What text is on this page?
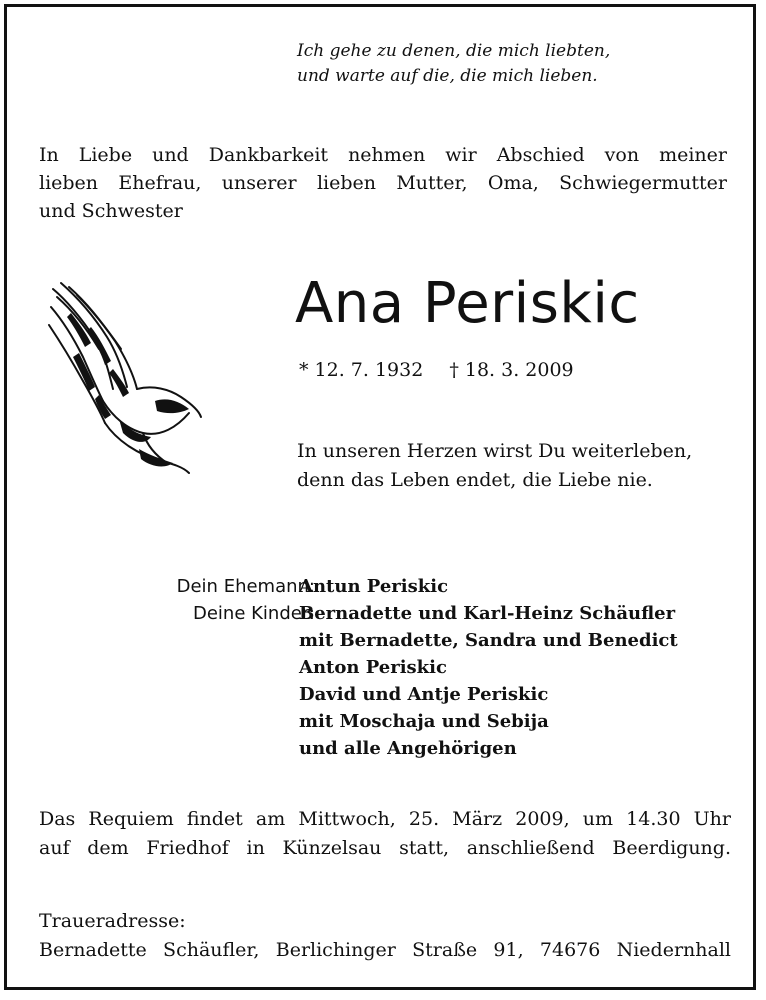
Ich gehe zu denen, die mich liebten,
und warte auf die, die mich lieben.
In Liebe und Dankbarkeit nehmen wir Abschied von meiner
lieben Ehefrau, unserer lieben Mutter, Oma, Schwiegermutter
und Schwester
Ana Periskic
* 12. 7. 1932 † 18. 3. 2009
In unseren Herzen wirst Du weiterleben,
denn das Leben endet, die Liebe nie.
Dein Ehemann:
Antun Periskic
Deine Kinder:
Bernadette und Karl-Heinz Schäufler
mit Bernadette, Sandra und Benedict
Anton Periskic
David und Antje Periskic
mit Moschaja und Sebija
und alle Angehörigen
Das Requiem findet am Mittwoch, 25. März 2009, um 14.30 Uhr
auf dem Friedhof in Künzelsau statt, anschließend Beerdigung.
Traueradresse:
Bernadette Schäufler, Berlichinger Straße 91, 74676 Niedernhall
